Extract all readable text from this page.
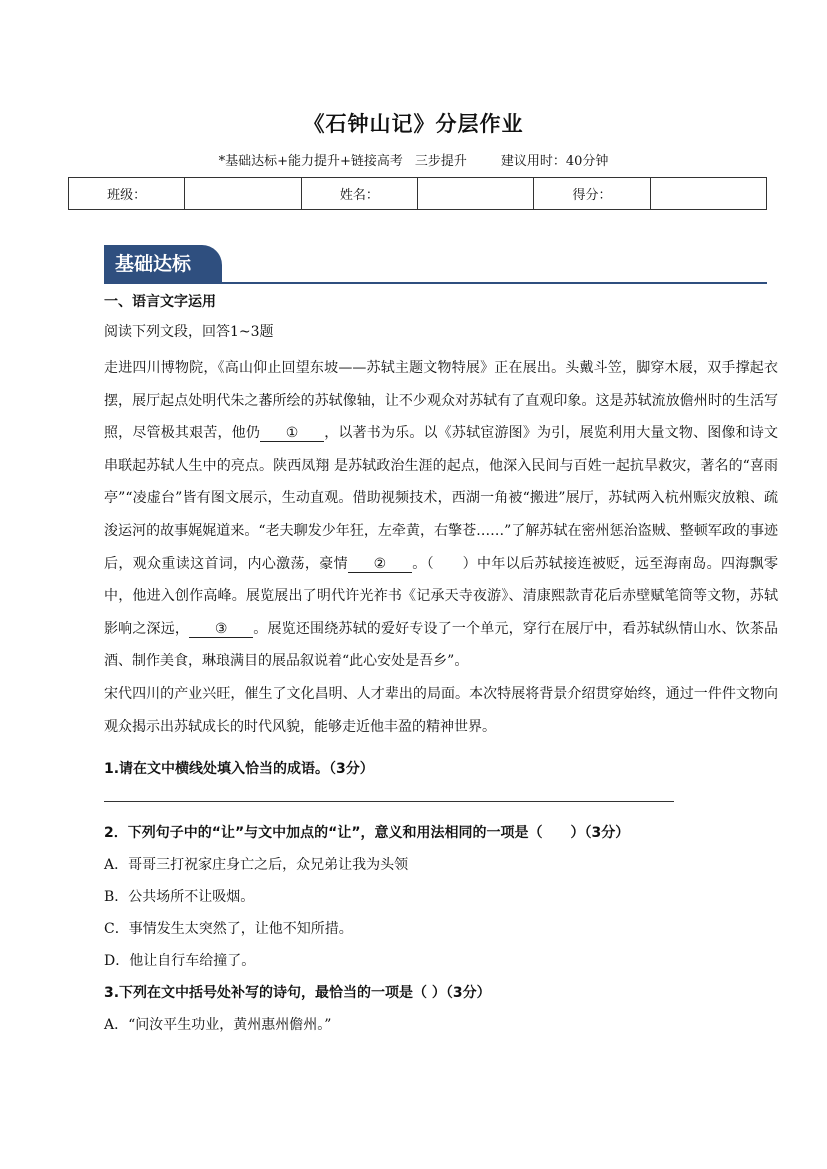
《石钟山记》分层作业
*基础达标+能力提升+链接高考 三步提升	建议用时：40分钟
班级：		姓名：		得分：	
基础达标
一、语言文字运用
阅读下列文段，回答1~3题

走进四川博物院，《高山仰止回望东坡——苏轼主题文物特展》正在展出。头戴斗笠，脚穿木屐，双手撑起衣摆，展厅起点处明代朱之蕃所绘的苏轼像轴，让不少观众对苏轼有了直观印象。这是苏轼流放儋州时的生活写照，尽管极其艰苦，他仍 ① ，以著书为乐。以《苏轼宦游图》为引，展览利用大量文物、图像和诗文串联起苏轼人生中的亮点。陕西凤翔 是苏轼政治生涯的起点，他深入民间与百姓一起抗旱救灾，著名的“喜雨亭”“凌虚台”皆有图文展示，生动直观。借助视频技术，西湖一角被“搬进”展厅，苏轼两入杭州赈灾放粮、疏浚运河的故事娓娓道来。“老夫聊发少年狂，左牵黄，右擎苍……”了解苏轼在密州惩治盗贼、整顿军政的事迹后，观众重读这首词，内心激荡，豪情 ② 。（　　）中年以后苏轼接连被贬，远至海南岛。四海飘零中，他进入创作高峰。展览展出了明代许光祚书《记承天寺夜游》、清康熙款青花后赤壁赋笔筒等文物，苏轼影响之深远， ③ 。展览还围绕苏轼的爱好专设了一个单元，穿行在展厅中，看苏轼纵情山水、饮茶品酒、制作美食，琳琅满目的展品叙说着“此心安处是吾乡”。

宋代四川的产业兴旺，催生了文化昌明、人才辈出的局面。本次特展将背景介绍贯穿始终，通过一件件文物向观众揭示出苏轼成长的时代风貌，能够走近他丰盈的精神世界。

1.请在文中横线处填入恰当的成语。（3分）
2．下列句子中的“让”与文中加点的“让”，意义和用法相同的一项是（　　）（3分）
A．哥哥三打祝家庄身亡之后，众兄弟让我为头领
B．公共场所不让吸烟。
C．事情发生太突然了，让他不知所措。
D．他让自行车给撞了。
3.下列在文中括号处补写的诗句，最恰当的一项是（ ）（3分）
A．“问汝平生功业，黄州惠州儋州。”
